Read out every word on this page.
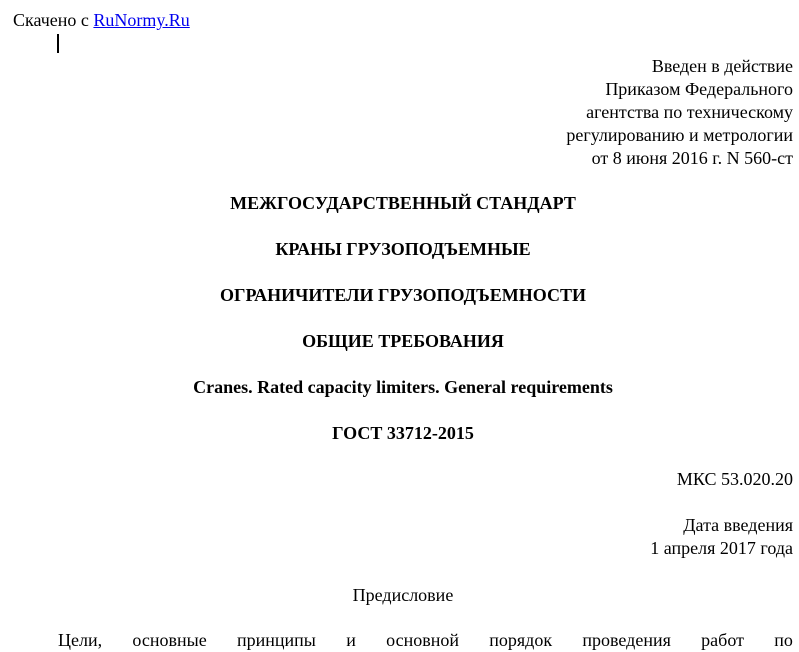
Скачено с RuNormy.Ru
Введен в действие
Приказом Федерального
агентства по техническому
регулированию и метрологии
от 8 июня 2016 г. N 560-ст
МЕЖГОСУДАРСТВЕННЫЙ СТАНДАРТ
КРАНЫ ГРУЗОПОДЪЕМНЫЕ
ОГРАНИЧИТЕЛИ ГРУЗОПОДЪЕМНОСТИ
ОБЩИЕ ТРЕБОВАНИЯ
Cranes. Rated capacity limiters. General requirements
ГОСТ 33712-2015
МКС 53.020.20
Дата введения
1 апреля 2017 года
Предисловие
Цели, основные принципы и основной порядок проведения работ по
